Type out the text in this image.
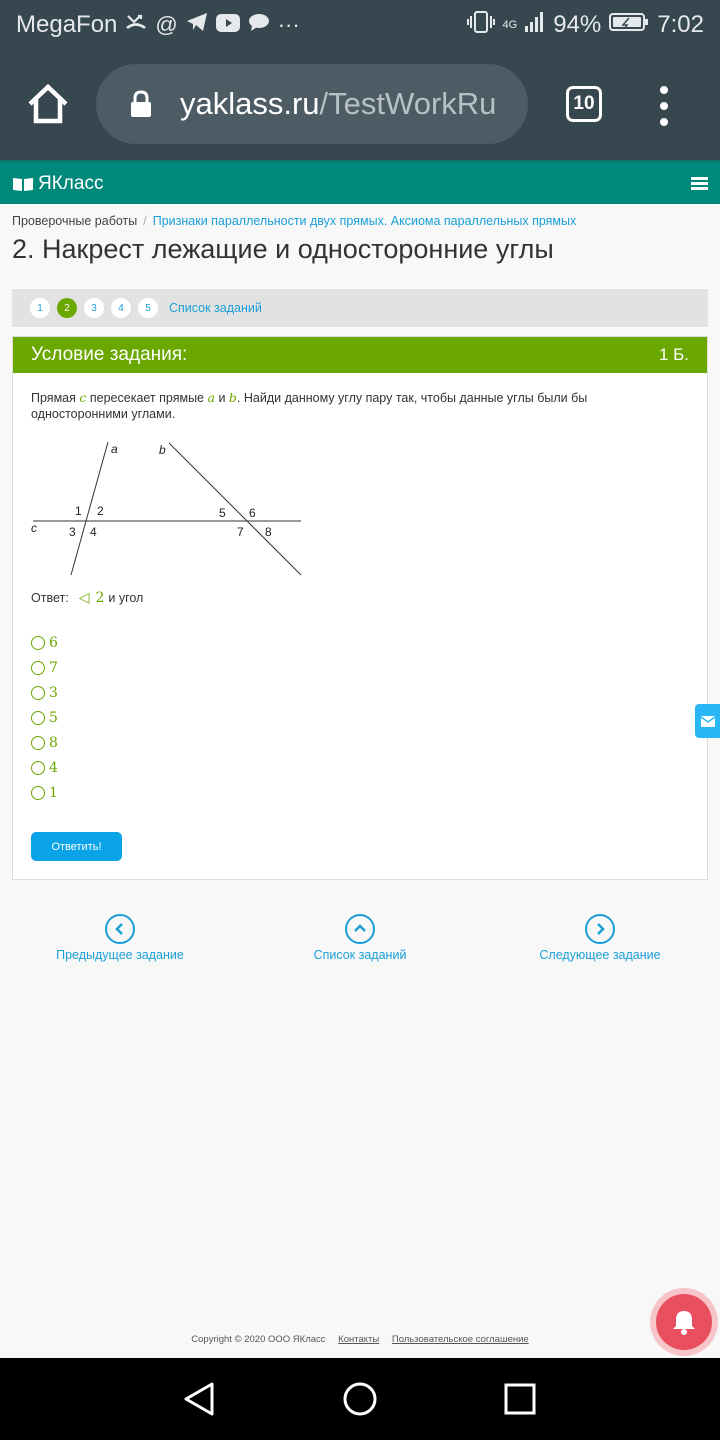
MegaFon @	···	4G 94% 7:02
yaklass.ru/TestWorkRu	10
ЯКласс
Проверочные работы / Признаки параллельности двух прямых. Аксиома параллельных прямых
2. Накрест лежащие и односторонние углы
1	2	3	4	5	Список заданий
Условие задания:	1 Б.
Прямая c пересекает прямые a и b. Найди данному углу пару так, чтобы данные углы были бы
односторонними углами.
a	b
c
1 2
3 4
5 6
7 8
Ответ: ◁ 2 и угол
6
7
3
5
8
4
1
Ответить!
Предыдущее задание	Список заданий	Следующее задание
Copyright © 2020 ООО ЯКласс Контакты Пользовательское соглашение
